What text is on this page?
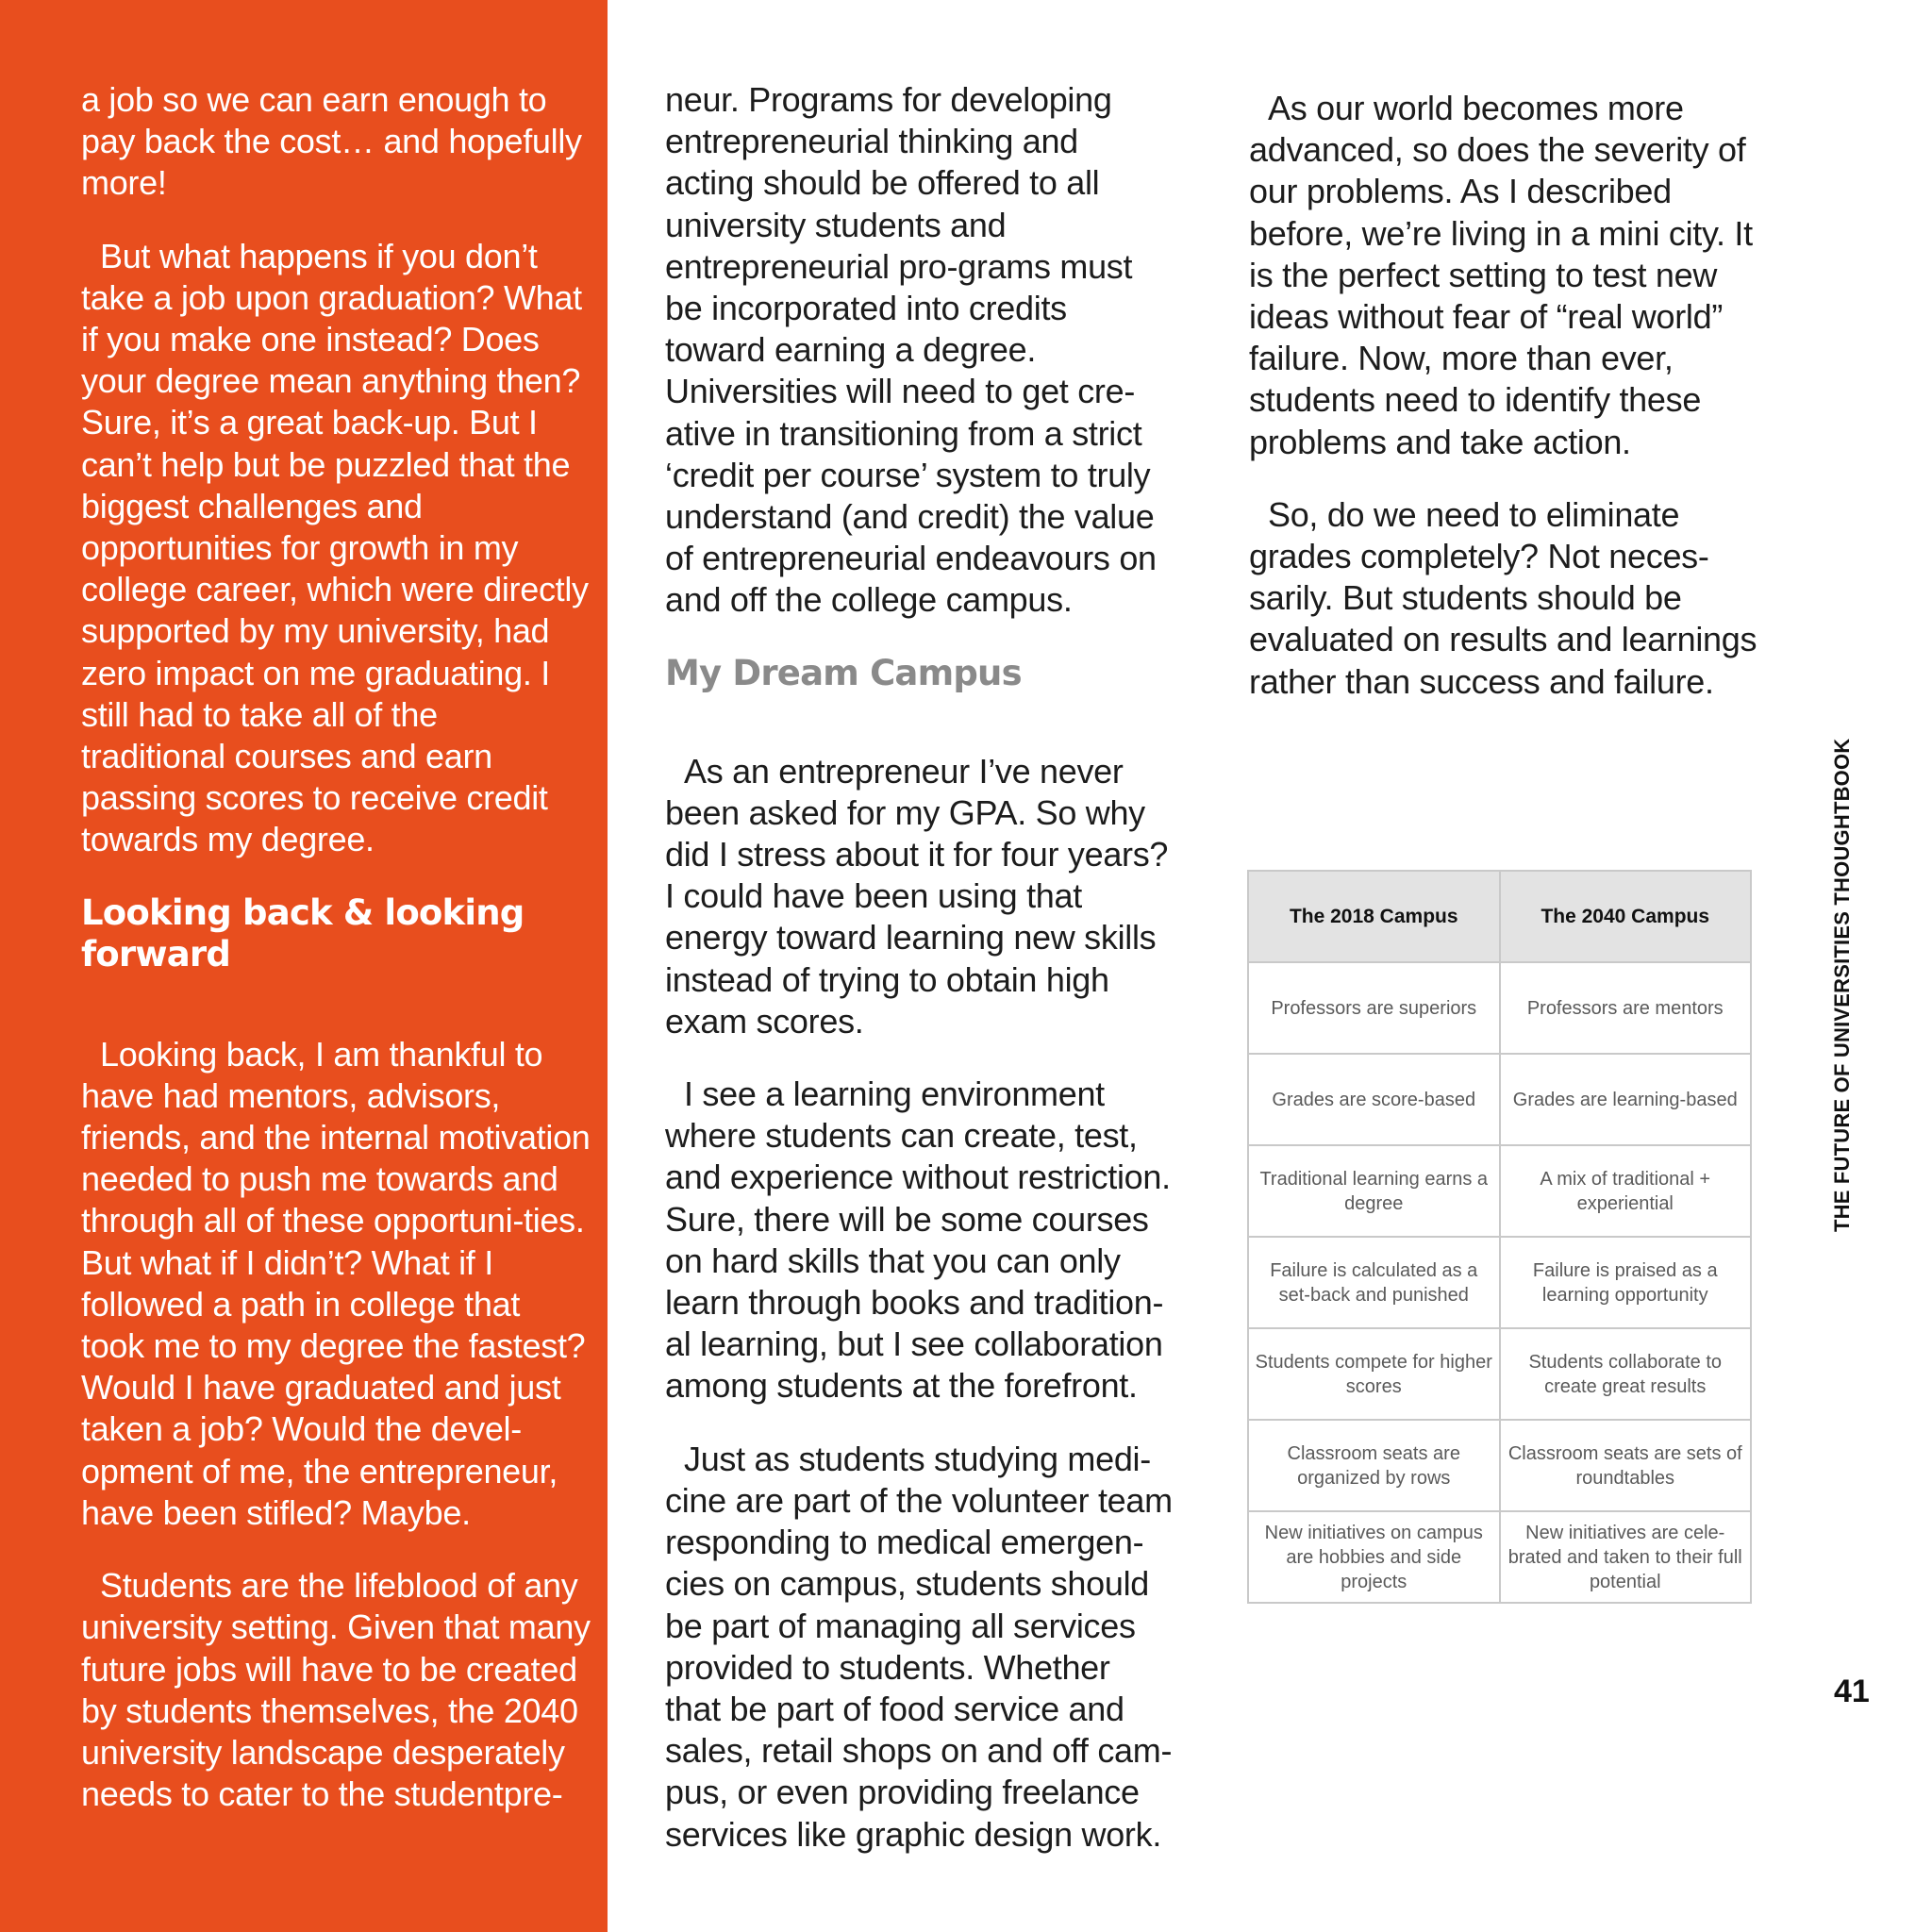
a job so we can earn enough to pay back the cost… and hopefully more!

But what happens if you don’t take a job upon graduation? What if you make one instead? Does your degree mean anything then? Sure, it’s a great back-up. But I can’t help but be puzzled that the biggest challenges and opportunities for growth in my college career, which were directly supported by my university, had zero impact on me graduating. I still had to take all of the traditional courses and earn passing scores to receive credit towards my degree.

Looking back & looking forward

Looking back, I am thankful to have had mentors, advisors, friends, and the internal motivation needed to push me towards and through all of these opportuni-ties. But what if I didn’t? What if I followed a path in college that took me to my degree the fastest? Would I have graduated and just taken a job? Would the devel-opment of me, the entrepreneur, have been stifled? Maybe.

Students are the lifeblood of any university setting. Given that many future jobs will have to be created by students themselves, the 2040 university landscape desperately needs to cater to the studentpre-

neur. Programs for developing entrepreneurial thinking and acting should be offered to all university students and entrepreneurial pro-grams must be incorporated into credits toward earning a degree. Universities will need to get cre-ative in transitioning from a strict ‘credit per course’ system to truly understand (and credit) the value of entrepreneurial endeavours on and off the college campus.

My Dream Campus

As an entrepreneur I’ve never been asked for my GPA. So why did I stress about it for four years? I could have been using that energy toward learning new skills instead of trying to obtain high exam scores.

I see a learning environment where students can create, test, and experience without restriction. Sure, there will be some courses on hard skills that you can only learn through books and tradition-al learning, but I see collaboration among students at the forefront.

Just as students studying medi-cine are part of the volunteer team responding to medical emergen-cies on campus, students should be part of managing all services provided to students. Whether that be part of food service and sales, retail shops on and off cam-pus, or even providing freelance services like graphic design work.

As our world becomes more advanced, so does the severity of our problems. As I described before, we’re living in a mini city. It is the perfect setting to test new ideas without fear of “real world” failure. Now, more than ever, students need to identify these problems and take action.

So, do we need to eliminate grades completely? Not neces-sarily. But students should be evaluated on results and learnings rather than success and failure.

The 2018 Campus	The 2040 Campus
Professors are superiors	Professors are mentors
Grades are score-based	Grades are learning-based
Traditional learning earns a degree	A mix of traditional + experiential
Failure is calculated as a set-back and punished	Failure is praised as a learning opportunity
Students compete for higher scores	Students collaborate to create great results
Classroom seats are organized by rows	Classroom seats are sets of roundtables
New initiatives on campus are hobbies and side projects	New initiatives are cele-brated and taken to their full potential
THE FUTURE OF UNIVERSITIES THOUGHTBOOK
41
